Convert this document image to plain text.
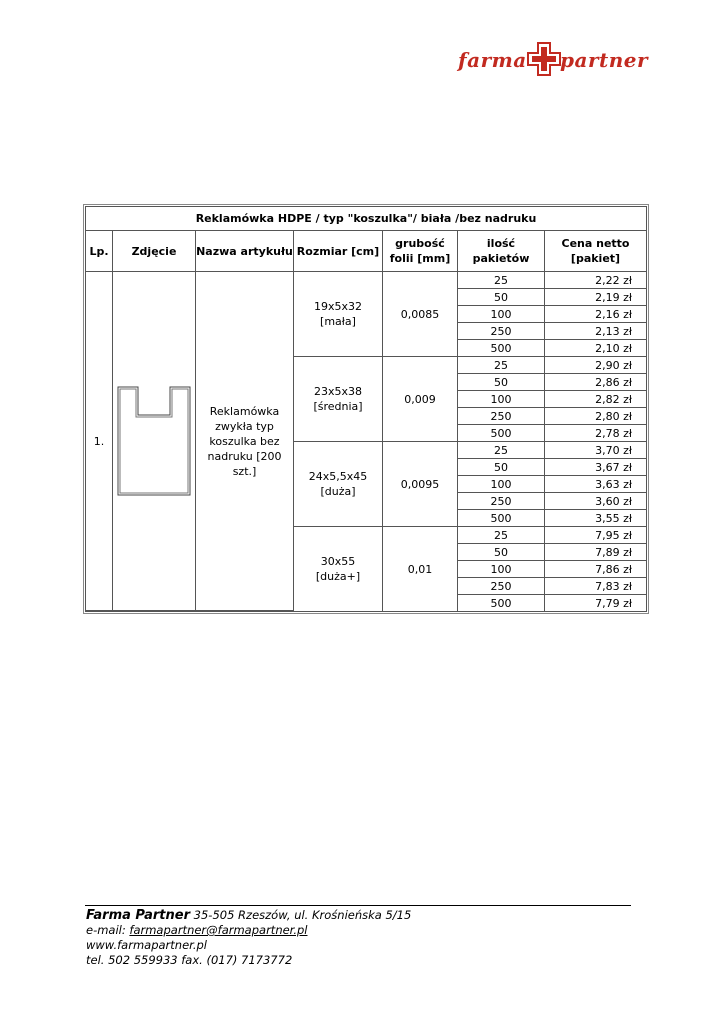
farma partner
Reklamówka HDPE / typ "koszulka"/ biała /bez nadruku						
Lp.	Zdjęcie	Nazwa artykułu	Rozmiar [cm]	grubość folii [mm]	ilość pakietów	Cena netto [pakiet]
1.		Reklamówka zwykła typ koszulka bez nadruku [200 szt.]	19x5x32 [mała]	0,0085	25	2,22 zł
					50	2,19 zł
					100	2,16 zł
					250	2,13 zł
					500	2,10 zł
			23x5x38 [średnia]	0,009	25	2,90 zł
					50	2,86 zł
					100	2,82 zł
					250	2,80 zł
					500	2,78 zł
			24x5,5x45 [duża]	0,0095	25	3,70 zł
					50	3,67 zł
					100	3,63 zł
					250	3,60 zł
					500	3,55 zł
			30x55 [duża+]	0,01	25	7,95 zł
					50	7,89 zł
					100	7,86 zł
					250	7,83 zł
					500	7,79 zł
Farma Partner 35-505 Rzeszów, ul. Krośnieńska 5/15
e-mail: farmapartner@farmapartner.pl
www.farmapartner.pl
tel. 502 559933 fax. (017) 7173772
